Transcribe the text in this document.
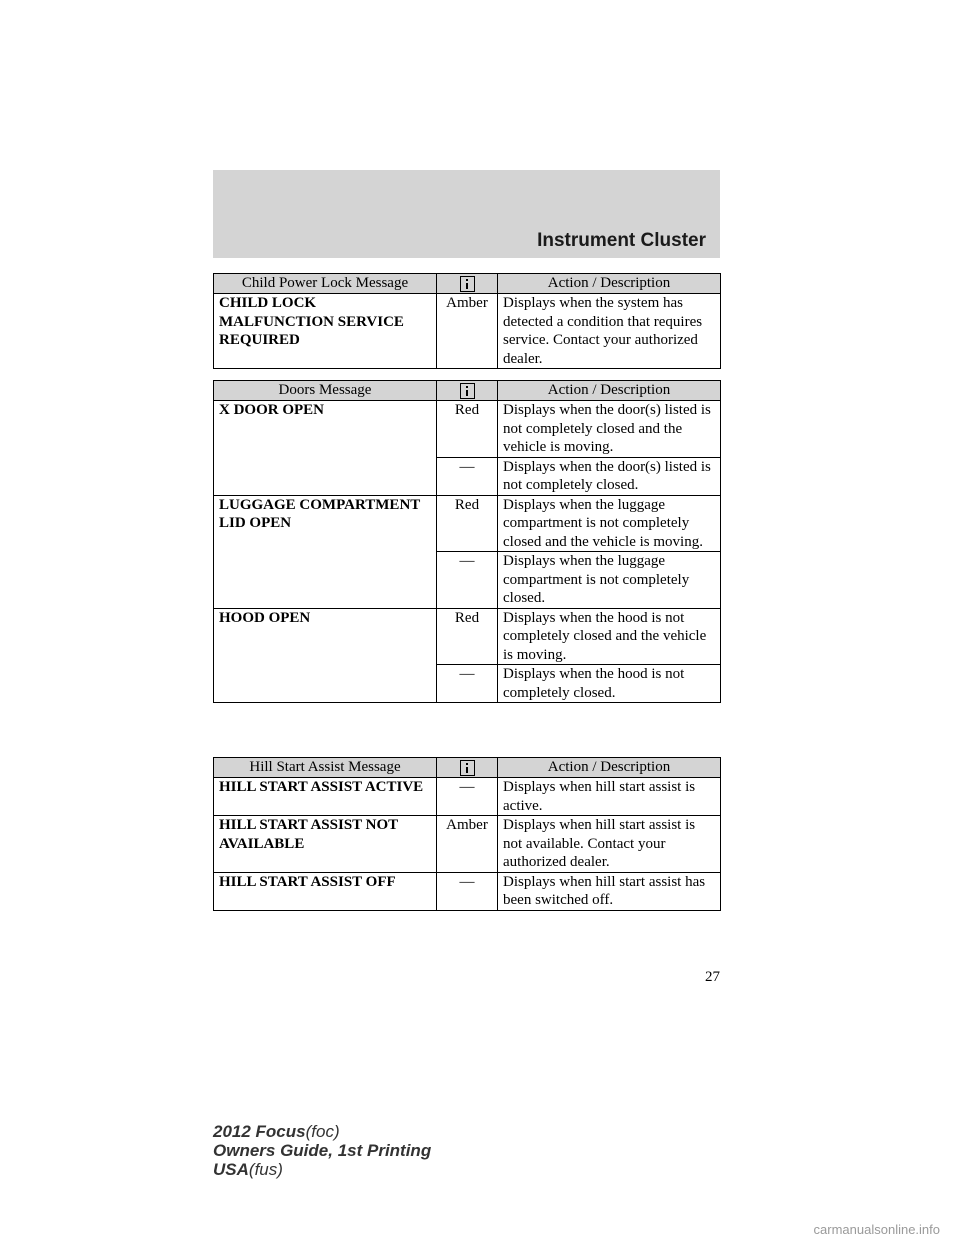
Instrument Cluster
Child Power Lock Message		Action / Description
CHILD LOCK MALFUNCTION SERVICE REQUIRED	Amber	Displays when the system has detected a condition that requires service. Contact your authorized dealer.
Doors Message		Action / Description
X DOOR OPEN	Red	Displays when the door(s) listed is not completely closed and the vehicle is moving.
	—	Displays when the door(s) listed is not completely closed.
LUGGAGE COMPARTMENT LID OPEN	Red	Displays when the luggage compartment is not completely closed and the vehicle is moving.
	—	Displays when the luggage compartment is not completely closed.
HOOD OPEN	Red	Displays when the hood is not completely closed and the vehicle is moving.
	—	Displays when the hood is not completely closed.
Hill Start Assist Message		Action / Description
HILL START ASSIST ACTIVE	—	Displays when hill start assist is active.
HILL START ASSIST NOT AVAILABLE	Amber	Displays when hill start assist is not available. Contact your authorized dealer.
HILL START ASSIST OFF	—	Displays when hill start assist has been switched off.
27
2012 Focus(foc)
Owners Guide, 1st Printing
USA(fus)
carmanualsonline.info
